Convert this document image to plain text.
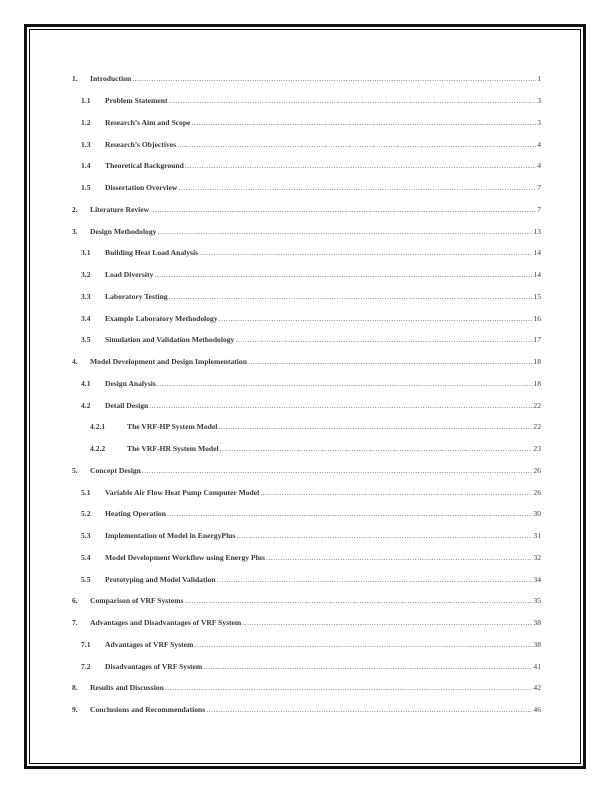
1.	Introduction .....	1
1.1	Problem Statement .....	3
1.2	Research’s Aim and Scope .....	3
1.3	Research’s Objectives .....	4
1.4	Theoretical Background .....	4
1.5	Dissertation Overview .....	7
2.	Literature Review .....	7
3.	Design Methodology .....	13
3.1	Building Heat Load Analysis .....	14
3.2	Load Diversity .....	14
3.3	Laboratory Testing .....	15
3.4	Example Laboratory Methodology .....	16
3.5	Simulation and Validation Methodology .....	17
4.	Model Development and Design Implementation .....	18
4.1	Design Analysis .....	18
4.2	Detail Design .....	22
4.2.1	The VRF-HP System Model .....	22
4.2.2	The VRF-HR System Model .....	23
5.	Concept Design .....	26
5.1	Variable Air Flow Heat Pump Computer Model .....	26
5.2	Heating Operation .....	30
5.3	Implementation of Model in EnergyPlus .....	31
5.4	Model Development Workflow using Energy Plus .....	32
5.5	Prototyping and Model Validation .....	34
6.	Comparison of VRF Systems .....	35
7.	Advantages and Disadvantages of VRF System .....	38
7.1	Advantages of VRF System .....	38
7.2	Disadvantages of VRF System .....	41
8.	Results and Discussion .....	42
9.	Conclusions and Recommendations .....	46
